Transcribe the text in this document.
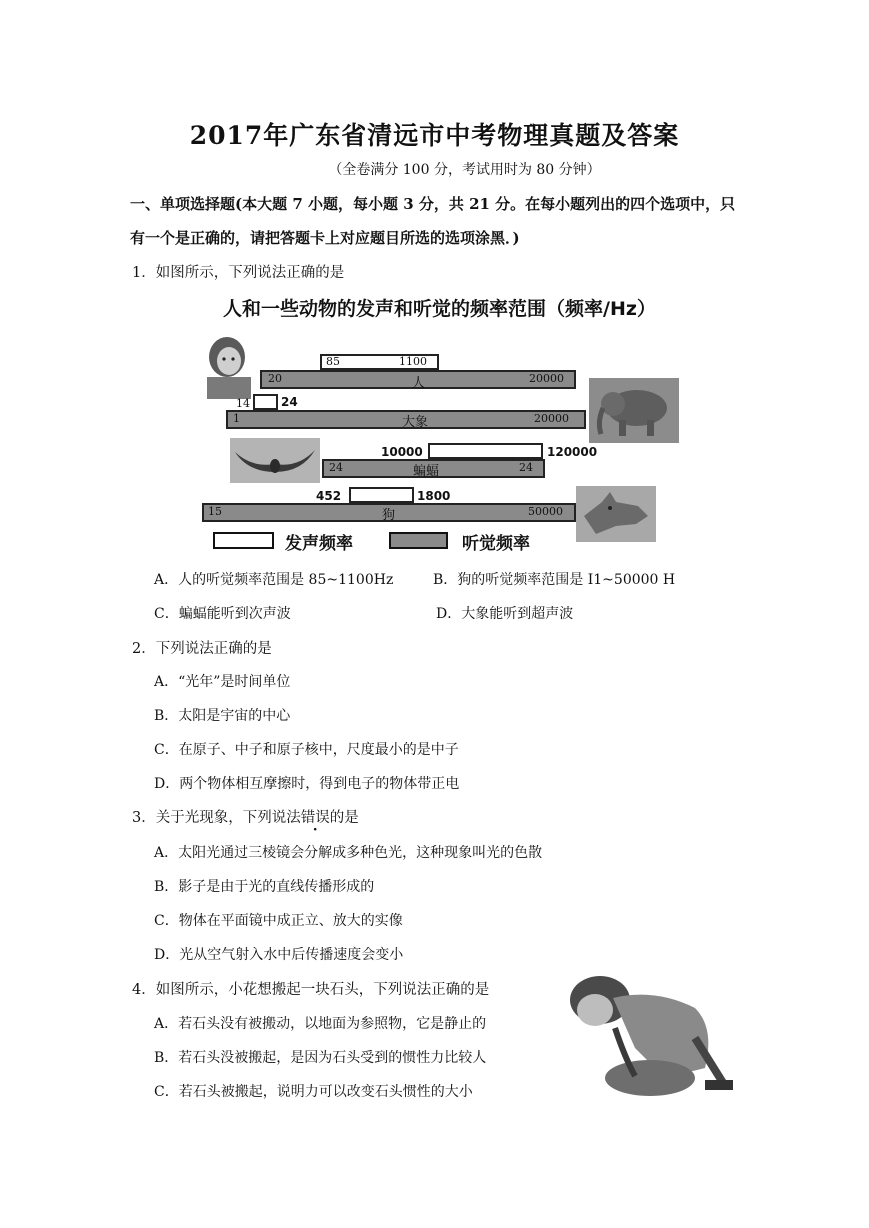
2017年广东省清远市中考物理真题及答案
（全卷满分 100 分，考试用时为 80 分钟）
一、单项选择题(本大题 7 小题，每小题 3 分，共 21 分。在每小题列出的四个选项中，只
有一个是正确的，请把答题卡上对应题目所选的选项涂黑．)
1．如图所示，下列说法正确的是
人和一些动物的发声和听觉的频率范围（频率/Hz）
85	1100
20	人	20000
14	24
1	大象	20000
10000	120000
24	蝙蝠	24
452	1800
15	狗	50000
发声频率	听觉频率
A．人的听觉频率范围是 85~1100Hz	B．狗的听觉频率范围是 I1~50000 H
C．蝙蝠能听到次声波	D．大象能听到超声波
2．下列说法正确的是
A．“光年”是时间单位
B．太阳是宇宙的中心
C．在原子、中子和原子核中，尺度最小的是中子
D．两个物体相互摩擦时，得到电子的物体带正电
3．关于光现象，下列说法错误的是
A．太阳光通过三棱镜会分解成多种色光，这种现象叫光的色散
B．影子是由于光的直线传播形成的
C．物体在平面镜中成正立、放大的实像
D．光从空气射入水中后传播速度会变小
4．如图所示，小花想搬起一块石头，下列说法正确的是
A．若石头没有被搬动，以地面为参照物，它是静止的
B．若石头没被搬起，是因为石头受到的惯性力比较人
C．若石头被搬起，说明力可以改变石头惯性的大小
